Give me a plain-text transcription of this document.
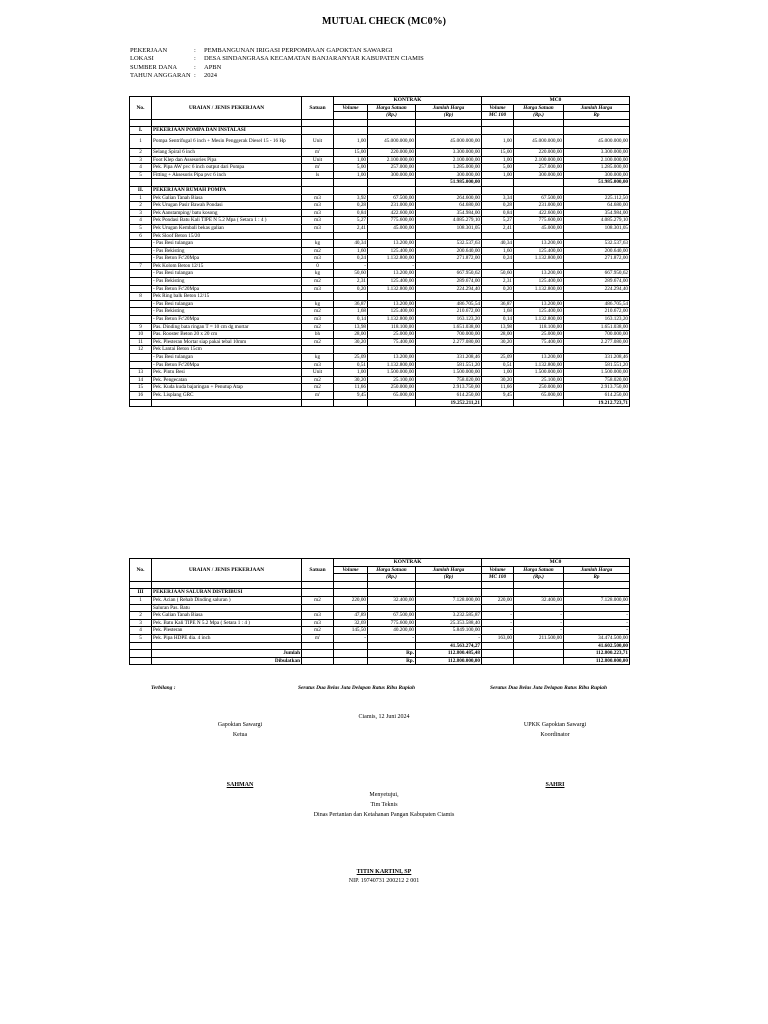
MUTUAL CHECK (MC0%)
PEKERJAAN	:	PEMBANGUNAN IRIGASI PERPOMPAAN GAPOKTAN SAWARGI
LOKASI	:	DESA SINDANGRASA KECAMATAN BANJARANYAR KABUPATEN CIAMIS
SUMBER DANA	:	APBN
TAHUN ANGGARAN :	2024
No.	URAIAN / JENIS PEKERJAAN	Satuan	KONTRAK			MC0		
			Volume	Harga Satuan	Jumlah Harga	Volume	Harga Satuan	Jumlah Harga
				(Rp.)	(Rp)	MC 100	(Rp.)	Rp

I.	PEKERJAAN POMPA DAN INSTALASI							
1	Pompa Sentrifugal 6 inch + Mesin Penggerak Diesel 15 - 16 Hp	Unit	1,00	45.000.000,00	45.000.000,00	1,00	45.000.000,00	45.000.000,00
2	Selang Spiral 6 inch	m'	15,00	220.000,00	3.300.000,00	15,00	220.000,00	3.300.000,00
3	Foot Klep dan Assesories Pipa	Unit	1,00	2.100.000,00	2.100.000,00	1,00	2.100.000,00	2.100.000,00
4	Pek. Pipa AW pvc 6 inch output dari Pompa	m'	5,00	257.000,00	1.285.000,00	5,00	257.000,00	1.285.000,00
5	Fitting + Aksesoris Pipa pvc 6 inch	ls	1,00	300.000,00	300.000,00	1,00	300.000,00	300.000,00
					51.985.000,00			51.985.000,00
II.	PEKERJAAN RUMAH POMPA							
1	Pek Galian Tanah Biasa	m3	3,92	67.500,00	264.600,00	3,34	67.500,00	225.112,50
2	Pek Urugan Pasir Bawah Pondasi	m3	0,28	231.000,00	64.680,00	0,28	231.000,00	64.680,00
3	Pek Aanstamping/ batu kosong	m3	0,84	422.600,00	354.984,00	0,84	422.600,00	354.984,00
4	Pek Pondasi Batu Kali TIPE N 5.2 Mpa ( Setara 1 : 4 )	m3	5,27	775.600,00	4.085.279,10	5,27	775.600,00	4.085.279,10
5	Pek Urugan Kembali bekas galian	m3	2,41	45.000,00	108.301,05	2,41	45.000,00	108.301,05
6	Pek Sloof Beton 15/20							
	- Pas Besi tulangan	kg	40,34	13.200,00	532.537,63	40,34	13.200,00	532.537,63
	- Pas Bekisting	m2	1,60	125.400,00	200.640,00	1,60	125.400,00	200.640,00
	- Pas Beton Fc'20Mpa	m3	0,24	1.132.800,00	271.872,00	0,24	1.132.800,00	271.872,00
7	Pek Kolom Beton 12/15	0	-	-				
	- Pas Besi tulangan	kg	50,60	13.200,00	667.950,62	50,60	13.200,00	667.950,62
	- Pas Bekisting	m2	2,31	125.400,00	289.674,00	2,31	125.400,00	289.674,00
	- Pas Beton Fc'20Mpa	m3	0,20	1.132.800,00	224.294,40	0,20	1.132.800,00	224.294,40
8	Pek Ring balk Beton 12/15							
	- Pas Besi tulangan	kg	36,87	13.200,00	486.705,54	36,87	13.200,00	486.705,54
	- Pas Bekisting	m2	1,68	125.400,00	210.672,00	1,68	125.400,00	210.672,00
	- Pas Beton Fc'20Mpa	m3	0,14	1.132.800,00	163.123,20	0,14	1.132.800,00	163.123,20
9	Pas. Dinding bata ringan T = 10 cm dg mortar	m2	13,98	118.100,00	1.651.038,00	13,98	118.100,00	1.651.038,00
10	Pas. Rooster Beton 20 x 20 cm	bh	28,00	25.000,00	700.000,00	28,00	25.000,00	700.000,00
11	Pek. Plesteran Mortar siap pakai tebal 10mm	m2	30,20	75.400,00	2.277.080,00	30,20	75.400,00	2.277.080,00
12	Pek Lantai Beton 15cm							
	- Pas Besi tulangan	kg	25,09	13.200,00	331.208,46	25,09	13.200,00	331.208,46
	- Pas Beton Fc'20Mpa	m3	0,51	1.132.800,00	581.551,20	0,51	1.132.800,00	581.551,20
13	Pek. Pintu Besi	Unit	1,00	1.500.000,00	1.500.000,00	1,00	1.500.000,00	1.500.000,00
14	Pek. Pengecatan	m2	30,20	25.100,00	758.020,00	30,20	25.100,00	758.020,00
15	Pek. Kuda kuda bajaringan + Penutup Atap	m2	11,66	250.000,00	2.913.750,00	11,66	250.000,00	2.913.750,00
16	Pek. Lisplang GRC	m'	9,45	65.000,00	614.250,00	9,45	65.000,00	614.250,00
					19.252.211,21			19.212.723,71
No.	URAIAN / JENIS PEKERJAAN	Satuan	KONTRAK			MC0		
			Volume	Harga Satuan	Jumlah Harga	Volume	Harga Satuan	Jumlah Harga
				(Rp.)	(Rp)	MC 100	(Rp.)	Rp

III	PEKERJAAN SALURAN DISTRIBUSI							
1	Pek. Acian ( Rehab Dinding saluran )	m2	220,00	32.400,00	7.128.000,00	220,00	32.400,00	7.128.000,00
	Saluran Pas. Batu							
2	Pek Galian Tanah Biasa	m3	47,89	67.500,00	3.232.585,87	-	-	-
3	Pek. Batu Kali TIPE N 5.2 Mpa ( Setara 1 : 4 )	m3	32,69	775.600,00	25.353.588,40	-	-	-
4	Pek. Plesteran	m2	145,50	40.200,00	5.849.100,00	-	-	-
5	Pek. Pipa HDPE dia. 4 inch	m'	-	-	-	163,00	211.500,00	34.474.500,00
					41.563.274,27			41.602.500,00
	Jumlah			Rp.	112.800.485,48			112.800.223,71
	Dibulatkan			Rp.	112.800.000,00			112.800.000,00
Terbilang :	Seratus Dua Belas Juta Delapan Ratus Ribu Rupiah	Seratus Dua Belas Juta Delapan Ratus Ribu Rupiah
Ciamis, 12 Juni 2024
Gapoktan Sawargi
Ketua
UPKK Gapoktan Sawargi
Koordinator
SAHMAN	SAHRI
Menyetujui,
Tim Teknis
Dinas Pertanian dan Ketahanan Pangan Kabupaten Ciamis
TITIN KARTINI, SP
NIP. 19740731 200212 2 001
